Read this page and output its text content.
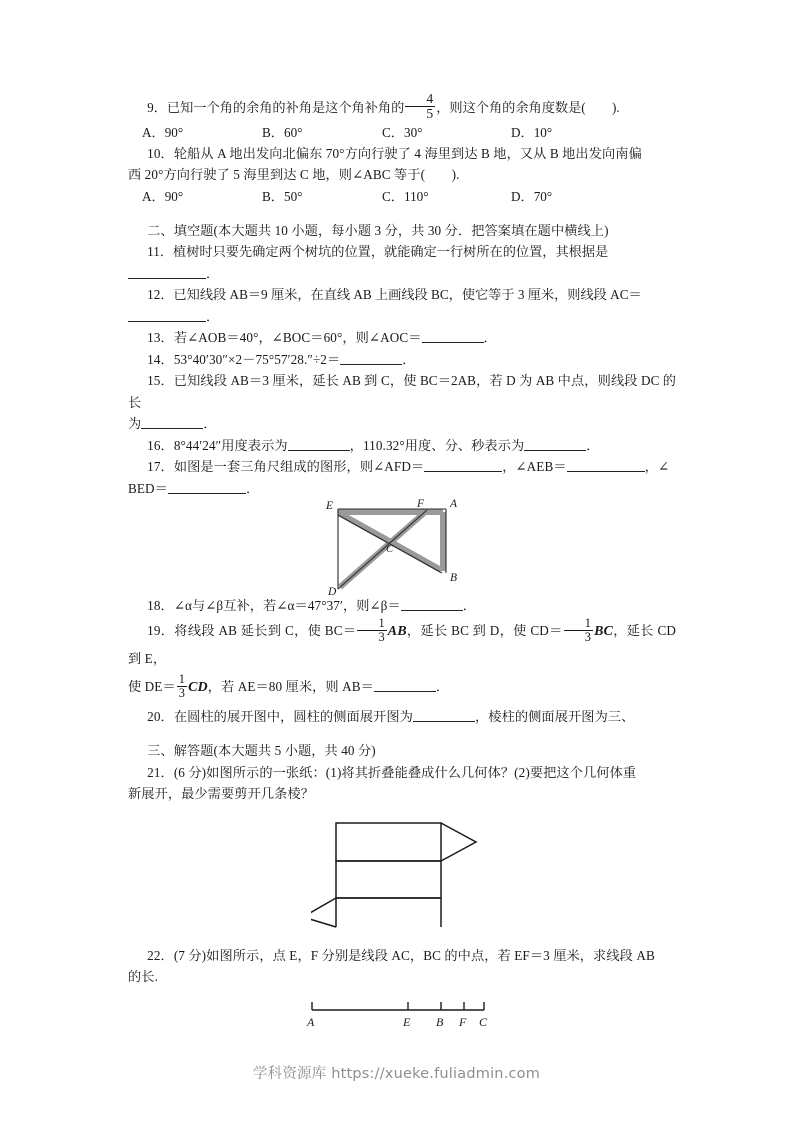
9．已知一个角的余角的补角是这个角补角的 $\frac{4}{5}$ ，则这个角的余角度数是(　　).
A．90°	B．60°	C．30°	D．10°
10．轮船从 A 地出发向北偏东 70°方向行驶了 4 海里到达 B 地，又从 B 地出发向南偏
西 20°方向行驶了 5 海里到达 C 地，则∠ABC 等于(　　).
A．90°	B．50°	C．110°	D．70°
二、填空题(本大题共 10 小题，每小题 3 分，共 30 分．把答案填在题中横线上)
11．植树时只要先确定两个树坑的位置，就能确定一行树所在的位置，其根据是
．
12．已知线段 AB＝9 厘米，在直线 AB 上画线段 BC，使它等于 3 厘米，则线段 AC＝
．
13．若∠AOB＝40°，∠BOC＝60°，则∠AOC＝	．
14．53°40′30″×2－75°57′28.″÷2＝	．
15．已知线段 AB＝3 厘米，延长 AB 到 C，使 BC＝2AB，若 D 为 AB 中点，则线段 DC 的长
为	．
16．8°44′24″用度表示为	，110.32°用度、分、秒表示为	．
17．如图是一套三角尺组成的图形，则∠AFD＝	，∠AEB＝	，∠
BED＝	．
E	F A
C
B
D
18．∠α与∠β互补，若∠α＝47°37′，则∠β＝	．
19．将线段 AB 延长到 C，使 $BC= \frac{1}{3}$ AB，延长 BC 到 D，使 $CD= \frac{1}{3}$ BC，延长 CD 到 E，
使 $DE= \frac{1}{3}$ CD，若 AE＝80 厘米，则 AB＝	．
20．在圆柱的展开图中，圆柱的侧面展开图为	，棱柱的侧面展开图为三、
三、解答题(本大题共 5 小题，共 40 分)
21．(6 分)如图所示的一张纸：(1)将其折叠能叠成什么几何体？(2)要把这个几何体重
新展开，最少需要剪开几条棱？
22．(7 分)如图所示，点 E，F 分别是线段 AC，BC 的中点，若 EF＝3 厘米，求线段 AB
的长.
A	E B F C
学科资源库 https://xueke.fuliadmin.com
